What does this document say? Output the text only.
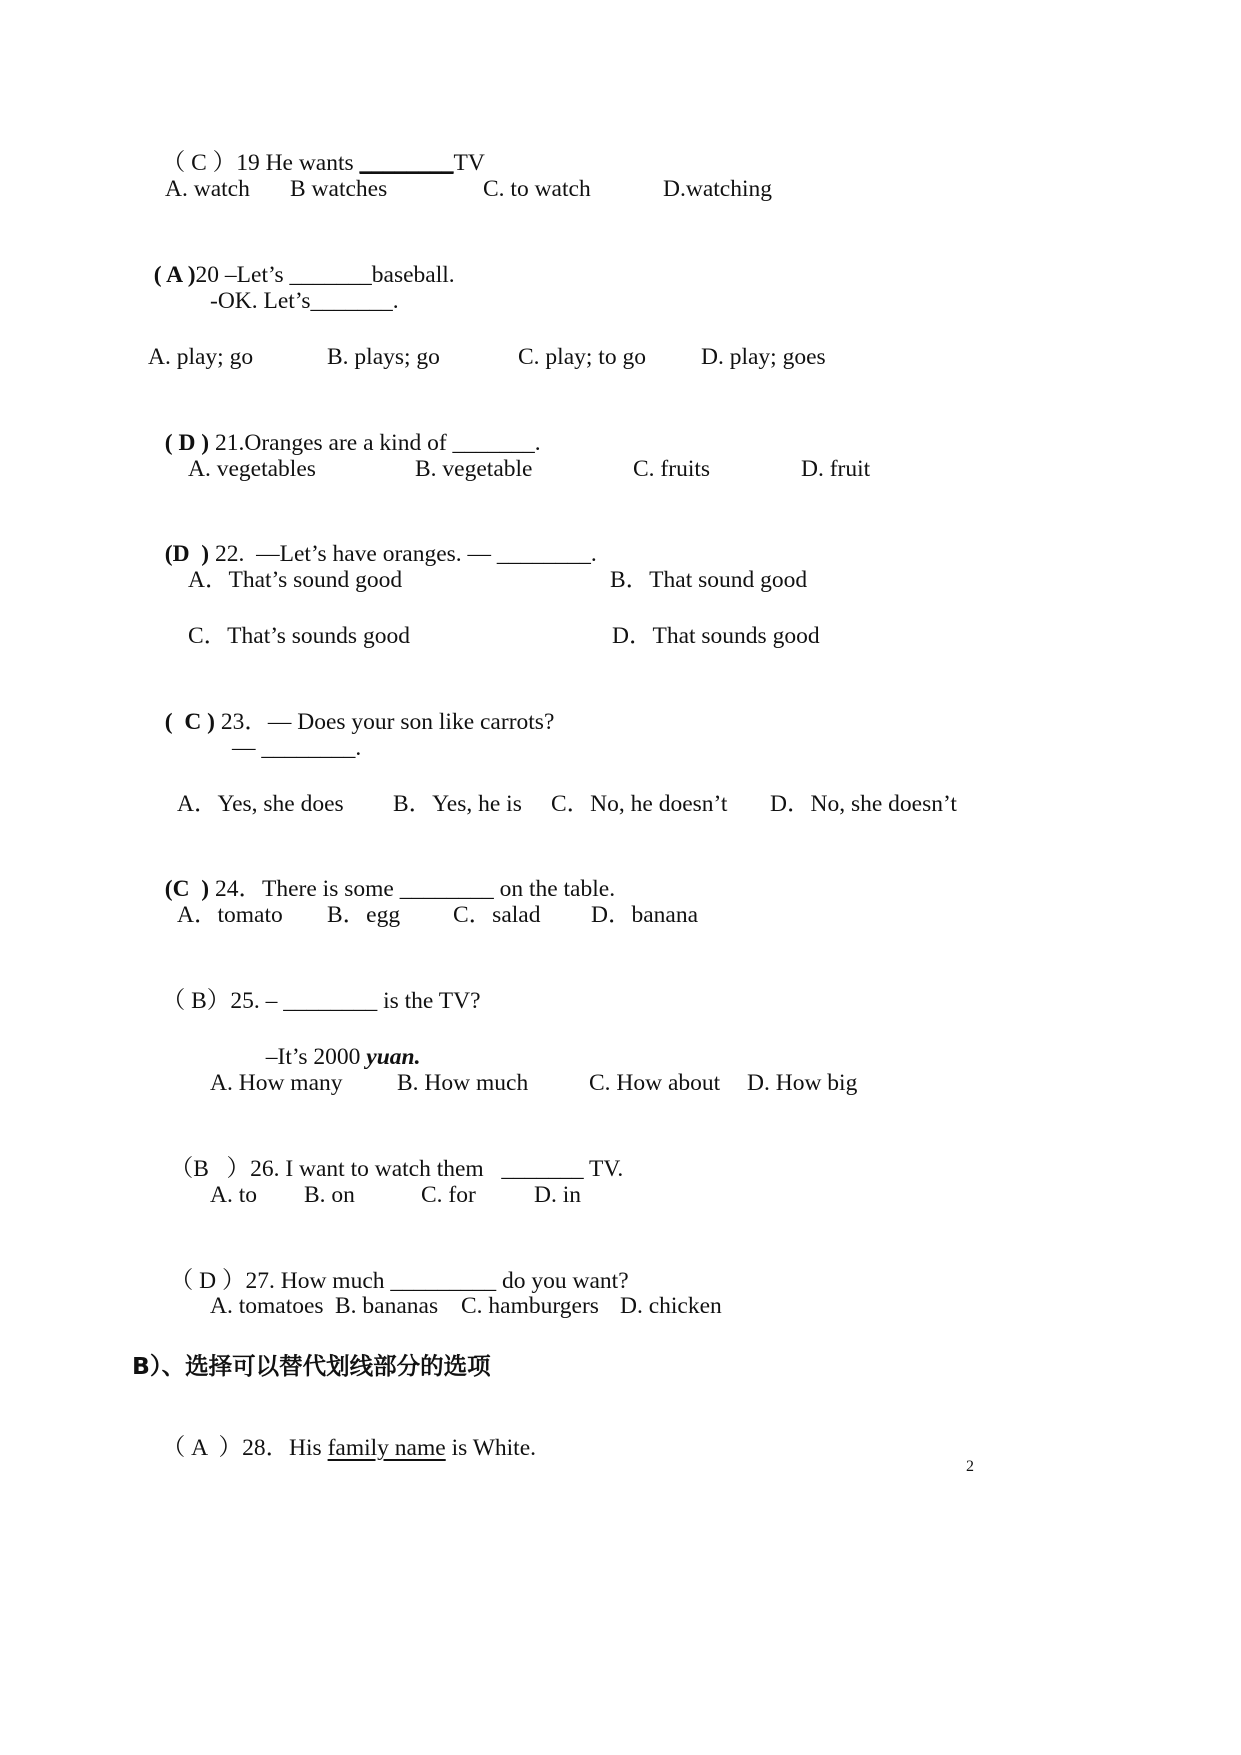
（ C ）19 He wants ________TV

A. watch B watches	C. to watch	D.watching

( A )20 –Let’s _______baseball.

-OK. Let’s_______.
A. play; go	B. plays; go	C. play; to go D. play; goes

( D ) 21.Oranges are a kind of _______.

A. vegetables	B. vegetable	C. fruits	D. fruit

(D  ) 22.  —Let’s have oranges. — ________.

A．That’s sound good	B．That sound good
C．That’s sounds good	D．That sounds good

(  C ) 23．— Does your son like carrots?

— ________.
A．Yes, she does B．Yes, he is C．No, he doesn’t D．No, she doesn’t

(C  ) 24．There is some ________ on the table.

A．tomato B．egg C．salad D．banana

（ B）25. – ________ is the TV?

–It’s 2000 yuan.

A. How many B. How much	C. How about D. How big

（B   ）26. I want to watch them   _______ TV.

A. to B. on	C. for D. in

（ D ）27. How much _________ do you want?

A. tomatoes B. bananas C. hamburgers D. chicken
B）、选择可以替代划线部分的选项

（ A  ）28．His family name is White.

2
